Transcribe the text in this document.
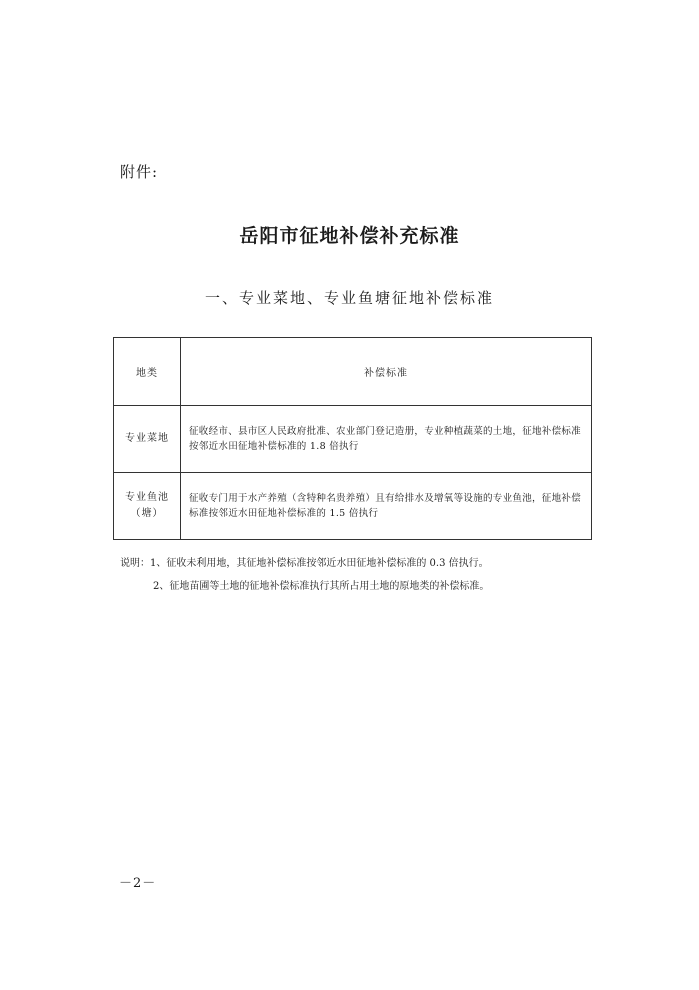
附件:
岳阳市征地补偿补充标准
一、专业菜地、专业鱼塘征地补偿标准
地类	补偿标准
专业菜地	征收经市、县市区人民政府批准、农业部门登记造册，专业种植蔬菜的土地，征地补偿标准按邻近水田征地补偿标准的 1.8 倍执行
专业鱼池
（塘）	征收专门用于水产养殖（含特种名贵养殖）且有给排水及增氧等设施的专业鱼池，征地补偿标准按邻近水田征地补偿标准的 1.5 倍执行
说明：1、征收未利用地，其征地补偿标准按邻近水田征地补偿标准的 0.3 倍执行。
2、征地苗圃等土地的征地补偿标准执行其所占用土地的原地类的补偿标准。
－2－
